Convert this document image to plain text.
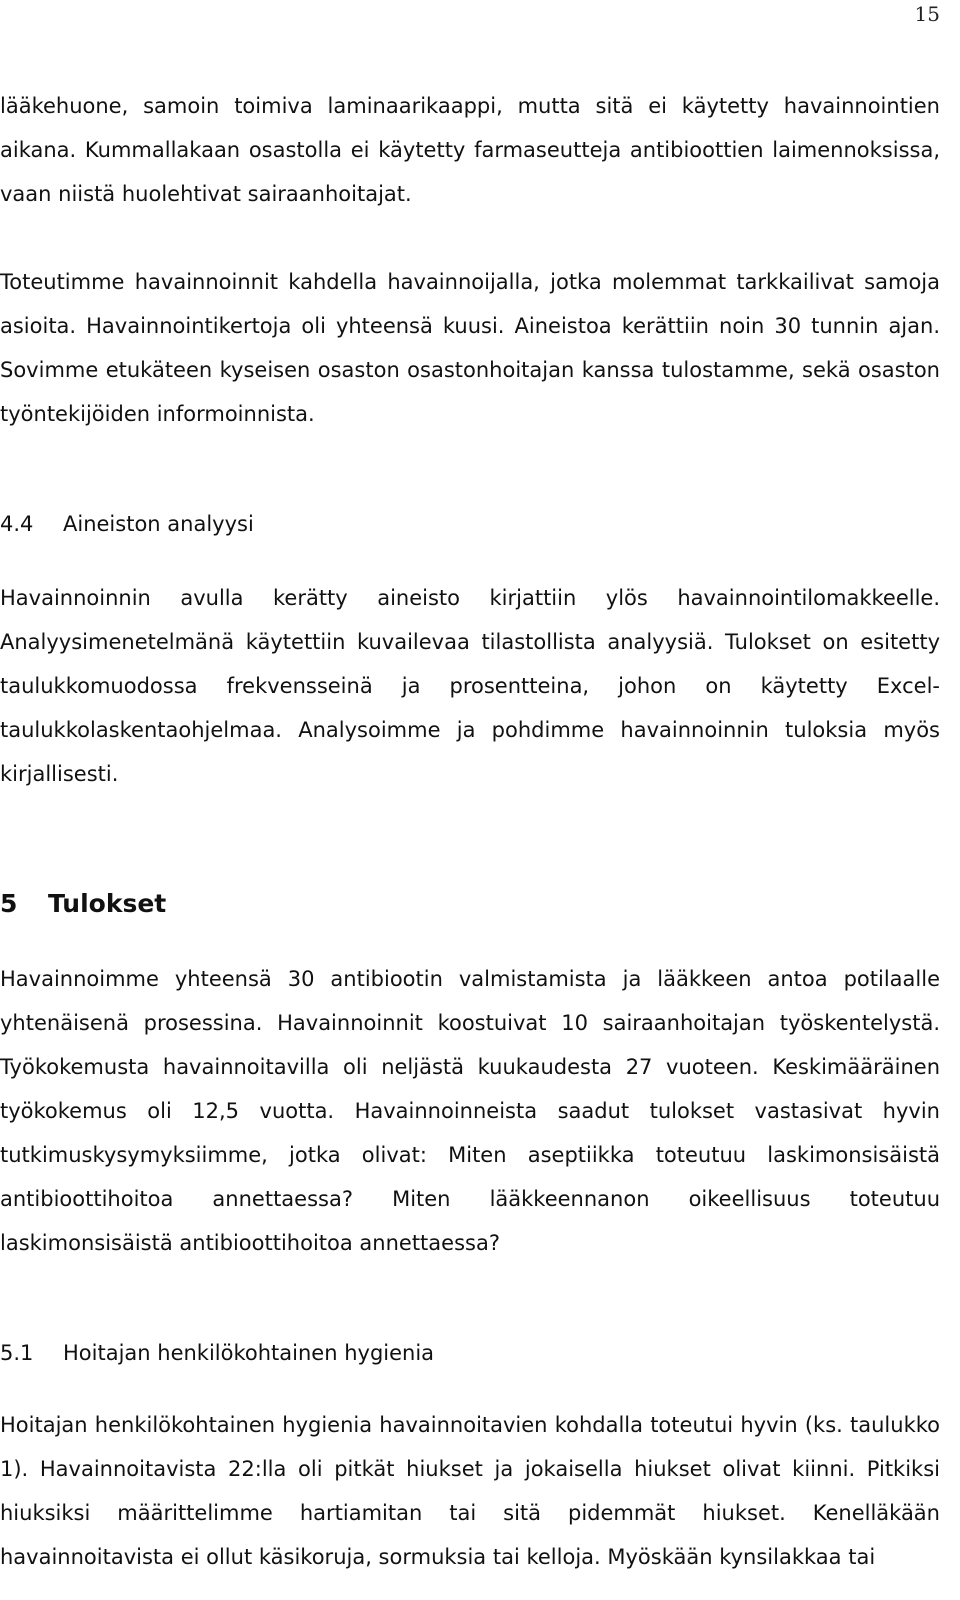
15

lääkehuone, samoin toimiva laminaarikaappi, mutta sitä ei käytetty havainnointien aikana. Kummallakaan osastolla ei käytetty farmaseutteja antibioottien laimennoksissa, vaan niistä huolehtivat sairaanhoitajat.

Toteutimme havainnoinnit kahdella havainnoijalla, jotka molemmat tarkkailivat samoja asioita. Havainnointikertoja oli yhteensä kuusi. Aineistoa kerättiin noin 30 tunnin ajan. Sovimme etukäteen kyseisen osaston osastonhoitajan kanssa tulostamme, sekä osaston työntekijöiden informoinnista.

4.4 Aineiston analyysi

Havainnoinnin avulla kerätty aineisto kirjattiin ylös havainnointilomakkeelle. Analyysimenetelmänä käytettiin kuvailevaa tilastollista analyysiä. Tulokset on esitetty taulukkomuodossa frekvensseinä ja prosentteina, johon on käytetty Excel-taulukkolaskentaohjelmaa. Analysoimme ja pohdimme havainnoinnin tuloksia myös kirjallisesti.

5 Tulokset

Havainnoimme yhteensä 30 antibiootin valmistamista ja lääkkeen antoa potilaalle yhtenäisenä prosessina. Havainnoinnit koostuivat 10 sairaanhoitajan työskentelystä. Työkokemusta havainnoitavilla oli neljästä kuukaudesta 27 vuoteen. Keskimääräinen työkokemus oli 12,5 vuotta. Havainnoinneista saadut tulokset vastasivat hyvin tutkimuskysymyksiimme, jotka olivat: Miten aseptiikka toteutuu laskimonsisäistä antibioottihoitoa annettaessa? Miten lääkkeennanon oikeellisuus toteutuu laskimonsisäistä antibioottihoitoa annettaessa?

5.1 Hoitajan henkilökohtainen hygienia

Hoitajan henkilökohtainen hygienia havainnoitavien kohdalla toteutui hyvin (ks. taulukko 1). Havainnoitavista 22:lla oli pitkät hiukset ja jokaisella hiukset olivat kiinni. Pitkiksi hiuksiksi määrittelimme hartiamitan tai sitä pidemmät hiukset. Kenelläkään havainnoitavista ei ollut käsikoruja, sormuksia tai kelloja. Myöskään kynsilakkaa tai
